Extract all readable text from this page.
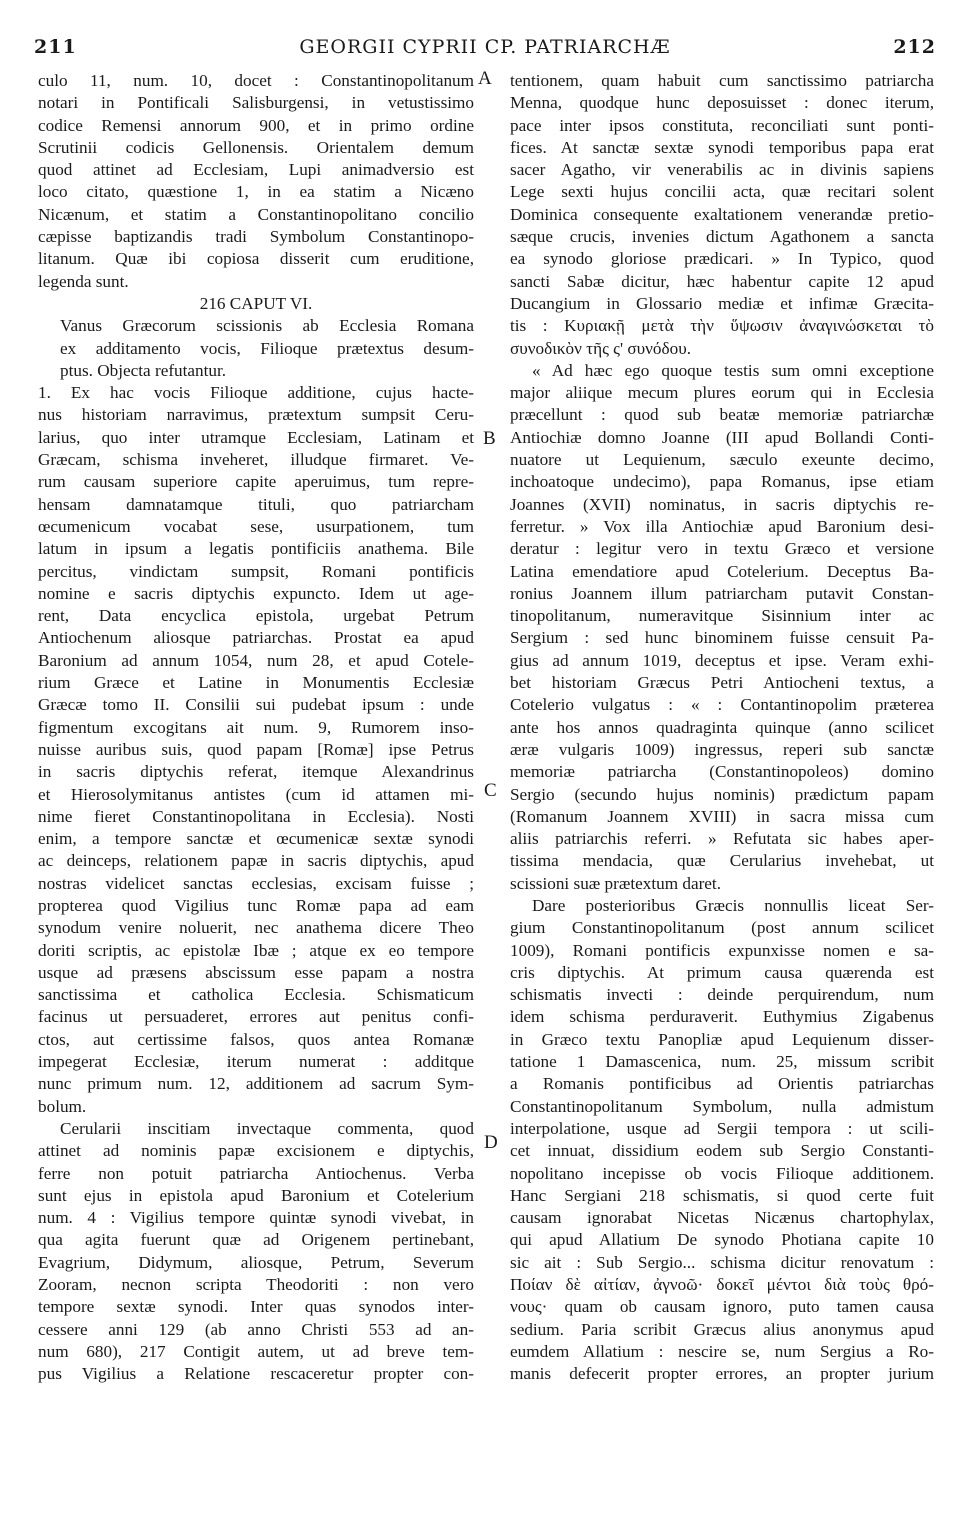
211	GEORGII CYPRII CP. PATRIARCHÆ	212
A
B
C
D
culo 11, num. 10, docet : Constantinopolitanum
notari in Pontificali Salisburgensi, in vetustissimo
codice Remensi annorum 900, et in primo ordine
Scrutinii codicis Gellonensis. Orientalem demum
quod attinet ad Ecclesiam, Lupi animadversio est
loco citato, quæstione 1, in ea statim a Nicæno
Nicænum, et statim a Constantinopolitano concilio
cæpisse baptizandis tradi Symbolum Constantinopo-
litanum. Quæ ibi copiosa disserit cum eruditione,
legenda sunt.
216 CAPUT VI.
Vanus Græcorum scissionis ab Ecclesia Romana
ex additamento vocis, Filioque prætextus desum-
ptus. Objecta refutantur.
1. Ex hac vocis Filioque additione, cujus hacte-
nus historiam narravimus, prætextum sumpsit Ceru-
larius, quo inter utramque Ecclesiam, Latinam et
Græcam, schisma inveheret, illudque firmaret. Ve-
rum causam superiore capite aperuimus, tum repre-
hensam damnatamque tituli, quo patriarcham
œcumenicum vocabat sese, usurpationem, tum
latum in ipsum a legatis pontificiis anathema. Bile
percitus, vindictam sumpsit, Romani pontificis
nomine e sacris diptychis expuncto. Idem ut age-
rent, Data encyclica epistola, urgebat Petrum
Antiochenum aliosque patriarchas. Prostat ea apud
Baronium ad annum 1054, num 28, et apud Cotele-
rium Græce et Latine in Monumentis Ecclesiæ
Græcæ tomo II. Consilii sui pudebat ipsum : unde
figmentum excogitans ait num. 9, Rumorem inso-
nuisse auribus suis, quod papam [Romæ] ipse Petrus
in sacris diptychis referat, itemque Alexandrinus
et Hierosolymitanus antistes (cum id attamen mi-
nime fieret Constantinopolitana in Ecclesia). Nosti
enim, a tempore sanctæ et œcumenicæ sextæ synodi
ac deinceps, relationem papæ in sacris diptychis, apud
nostras videlicet sanctas ecclesias, excisam fuisse ;
propterea quod Vigilius tunc Romæ papa ad eam
synodum venire noluerit, nec anathema dicere Theo
doriti scriptis, ac epistolæ Ibæ ; atque ex eo tempore
usque ad præsens abscissum esse papam a nostra
sanctissima et catholica Ecclesia. Schismaticum
facinus ut persuaderet, errores aut penitus confi-
ctos, aut certissime falsos, quos antea Romanæ
impegerat Ecclesiæ, iterum numerat : additque
nunc primum num. 12, additionem ad sacrum Sym-
bolum.
Cerularii inscitiam invectaque commenta, quod
attinet ad nominis papæ excisionem e diptychis,
ferre non potuit patriarcha Antiochenus. Verba
sunt ejus in epistola apud Baronium et Cotelerium
num. 4 : Vigilius tempore quintæ synodi vivebat, in
qua agita fuerunt quæ ad Origenem pertinebant,
Evagrium, Didymum, aliosque, Petrum, Severum
Zooram, necnon scripta Theodoriti : non vero
tempore sextæ synodi. Inter quas synodos inter-
cessere anni 129 (ab anno Christi 553 ad an-
num 680), 217 Contigit autem, ut ad breve tem-
pus Vigilius a Relatione rescaceretur propter con-
tentionem, quam habuit cum sanctissimo patriarcha
Menna, quodque hunc deposuisset : donec iterum,
pace inter ipsos constituta, reconciliati sunt ponti-
fices. At sanctæ sextæ synodi temporibus papa erat
sacer Agatho, vir venerabilis ac in divinis sapiens
Lege sexti hujus concilii acta, quæ recitari solent
Dominica consequente exaltationem venerandæ pretio-
sæque crucis, invenies dictum Agathonem a sancta
ea synodo gloriose prædicari. » In Typico, quod
sancti Sabæ dicitur, hæc habentur capite 12 apud
Ducangium in Glossario mediæ et infimæ Græcita-
tis : Κυριακῇ μετὰ τὴν ὕψωσιν ἀναγινώσκεται τὸ
συνοδικὸν τῆς ς' συνόδου.
« Ad hæc ego quoque testis sum omni exceptione
major aliique mecum plures eorum qui in Ecclesia
præcellunt : quod sub beatæ memoriæ patriarchæ
Antiochiæ domno Joanne (III apud Bollandi Conti-
nuatore ut Lequienum, sæculo exeunte decimo,
inchoatoque undecimo), papa Romanus, ipse etiam
Joannes (XVII) nominatus, in sacris diptychis re-
ferretur. » Vox illa Antiochiæ apud Baronium desi-
deratur : legitur vero in textu Græco et versione
Latina emendatiore apud Cotelerium. Deceptus Ba-
ronius Joannem illum patriarcham putavit Constan-
tinopolitanum, numeravitque Sisinnium inter ac
Sergium : sed hunc binominem fuisse censuit Pa-
gius ad annum 1019, deceptus et ipse. Veram exhi-
bet historiam Græcus Petri Antiocheni textus, a
Cotelerio vulgatus : « : Contantinopolim præterea
ante hos annos quadraginta quinque (anno scilicet
æræ vulgaris 1009) ingressus, reperi sub sanctæ
memoriæ patriarcha (Constantinopoleos) domino
Sergio (secundo hujus nominis) prædictum papam
(Romanum Joannem XVIII) in sacra missa cum
aliis patriarchis referri. » Refutata sic habes aper-
tissima mendacia, quæ Cerularius invehebat, ut
scissioni suæ prætextum daret.
Dare posterioribus Græcis nonnullis liceat Ser-
gium Constantinopolitanum (post annum scilicet
1009), Romani pontificis expunxisse nomen e sa-
cris diptychis. At primum causa quærenda est
schismatis invecti : deinde perquirendum, num
idem schisma perduraverit. Euthymius Zigabenus
in Græco textu Panopliæ apud Lequienum disser-
tatione 1 Damascenica, num. 25, missum scribit
a Romanis pontificibus ad Orientis patriarchas
Constantinopolitanum Symbolum, nulla admistum
interpolatione, usque ad Sergii tempora : ut scili-
cet innuat, dissidium eodem sub Sergio Constanti-
nopolitano incepisse ob vocis Filioque additionem.
Hanc Sergiani 218 schismatis, si quod certe fuit
causam ignorabat Nicetas Nicænus chartophylax,
qui apud Allatium De synodo Photiana capite 10
sic ait : Sub Sergio... schisma dicitur renovatum :
Ποίαν δὲ αἰτίαν, ἀγνοῶ· δοκεῖ μέντοι διὰ τοὺς θρό-
νους· quam ob causam ignoro, puto tamen causa
sedium. Paria scribit Græcus alius anonymus apud
eumdem Allatium : nescire se, num Sergius a Ro-
manis defecerit propter errores, an propter jurium
